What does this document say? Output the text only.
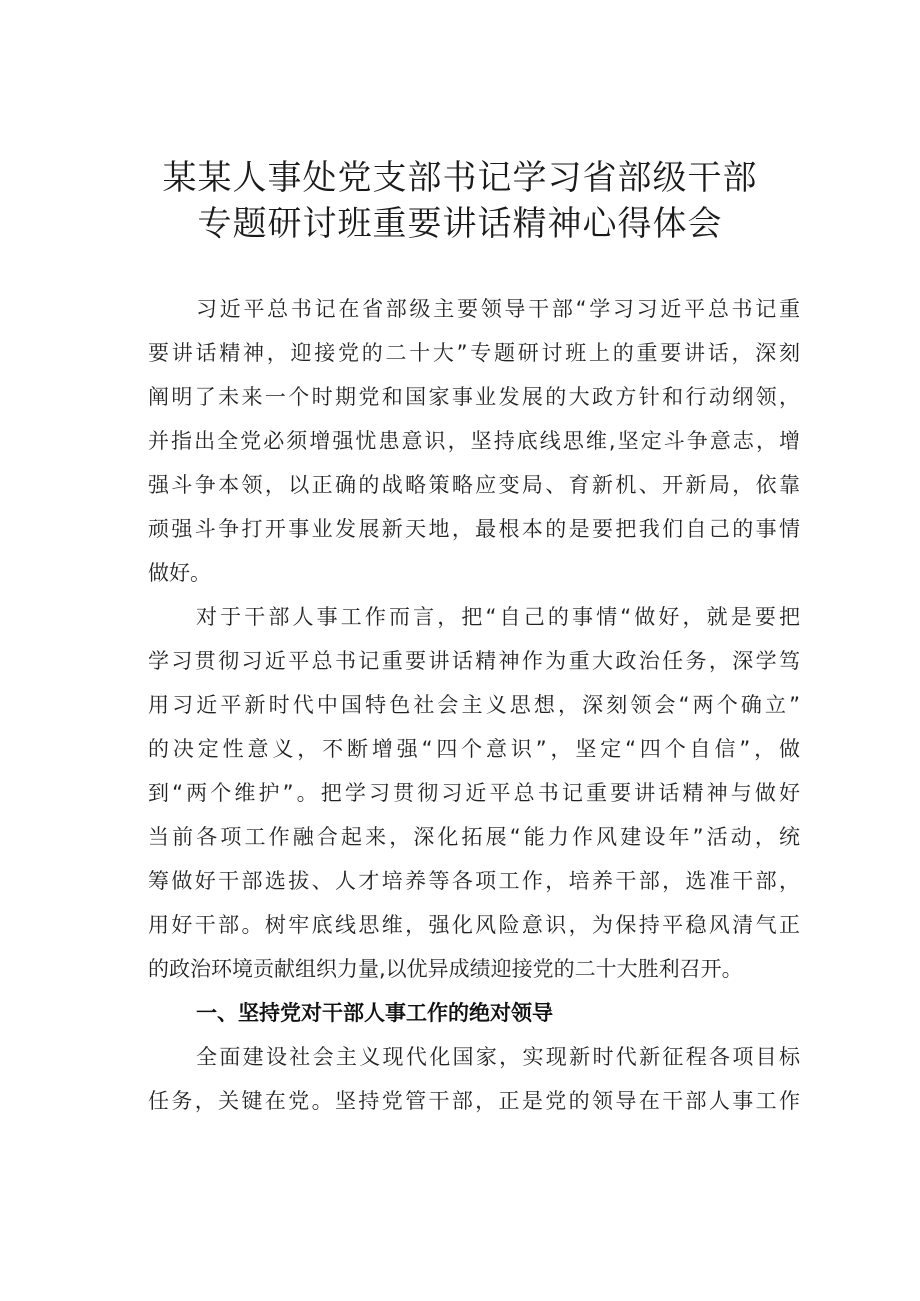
某某人事处党支部书记学习省部级干部
专题研讨班重要讲话精神心得体会
习近平总书记在省部级主要领导干部“学习习近平总书记重
要讲话精神，迎接党的二十大”专题研讨班上的重要讲话，深刻
阐明了未来一个时期党和国家事业发展的大政方针和行动纲领，
并指出全党必须增强忧患意识，坚持底线思维,坚定斗争意志，增
强斗争本领，以正确的战略策略应变局、育新机、开新局，依靠
顽强斗争打开事业发展新天地，最根本的是要把我们自己的事情
做好。
对于干部人事工作而言，把“自己的事情“做好，就是要把
学习贯彻习近平总书记重要讲话精神作为重大政治任务，深学笃
用习近平新时代中国特色社会主义思想，深刻领会“两个确立”
的决定性意义，不断增强“四个意识”，坚定“四个自信”，做
到“两个维护”。把学习贯彻习近平总书记重要讲话精神与做好
当前各项工作融合起来，深化拓展“能力作风建设年”活动，统
筹做好干部选拔、人才培养等各项工作，培养干部，选准干部，
用好干部。树牢底线思维，强化风险意识，为保持平稳风清气正
的政治环境贡献组织力量,以优异成绩迎接党的二十大胜利召开。
一、坚持党对干部人事工作的绝对领导
全面建设社会主义现代化国家，实现新时代新征程各项目标
任务，关键在党。坚持党管干部，正是党的领导在干部人事工作
